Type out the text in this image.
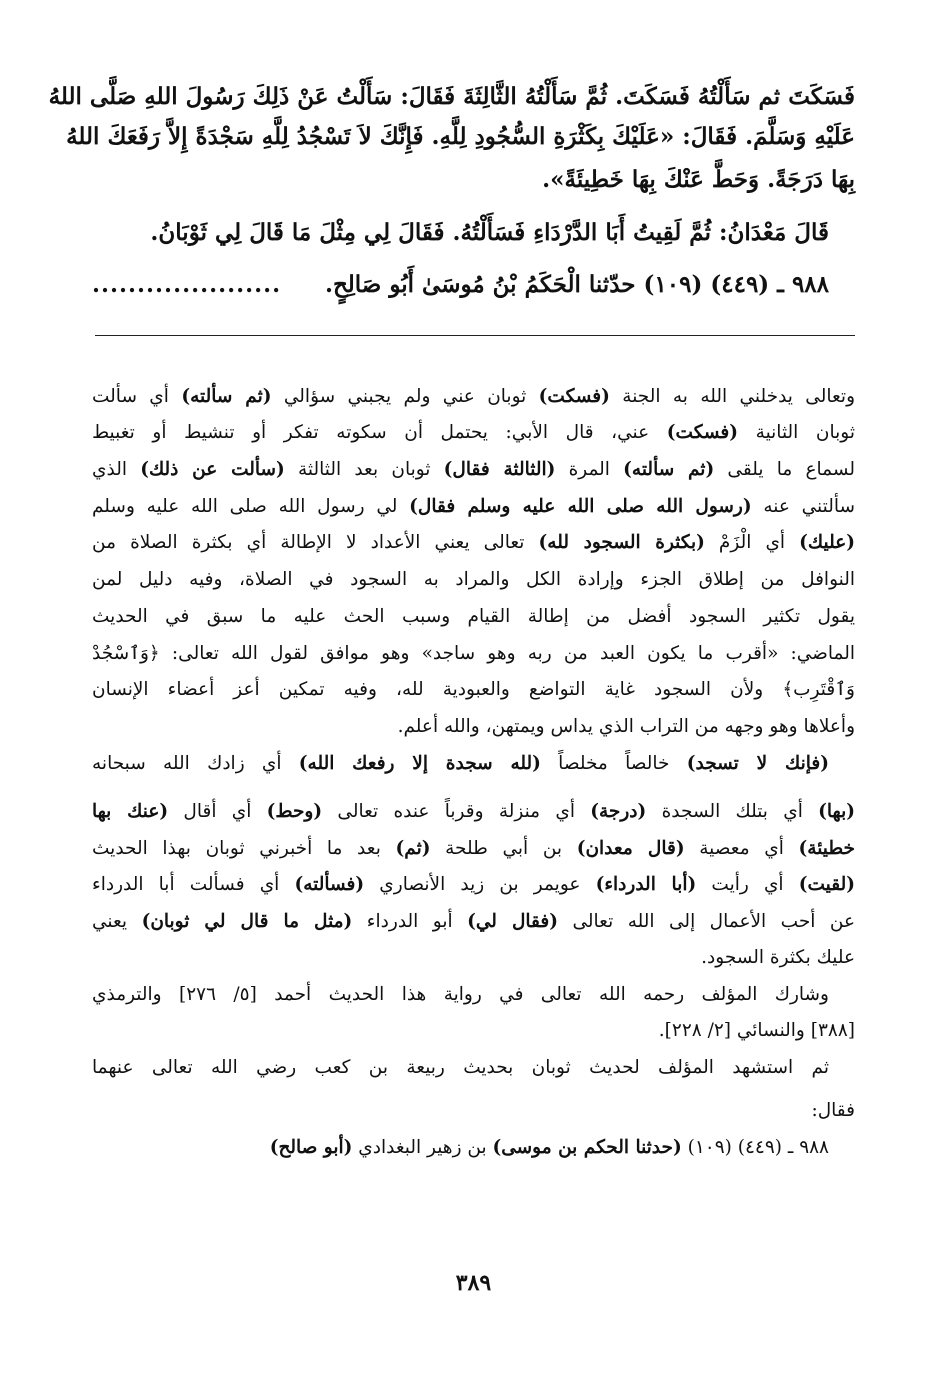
فَسَكَتَ ثم سَأَلْتُهُ فَسَكَتَ. ثُمَّ سَأَلْتُهُ الثَّالِثَةَ فَقَالَ: سَأَلْتُ عَنْ ذَلِكَ رَسُولَ اللهِ صَلَّى اللهُ
عَلَيْهِ وَسَلَّمَ. فَقَالَ: «عَلَيْكَ بِكَثْرَةِ السُّجُودِ لِلَّهِ. فَإِنَّكَ لاَ تَسْجُدُ لِلَّهِ سَجْدَةً إِلاَّ رَفَعَكَ اللهُ
بِهَا دَرَجَةً. وَحَطَّ عَنْكَ بِهَا خَطِيئَةً».
قَالَ مَعْدَانُ: ثُمَّ لَقِيتُ أَبَا الدَّرْدَاءِ فَسَأَلْتُهُ. فَقَالَ لِي مِثْلَ مَا قَالَ لِي ثَوْبَانُ.
٩٨٨ ـ (٤٤٩) (١٠٩) حدّثنا الْحَكَمُ بْنُ مُوسَىٰ أَبُو صَالِحٍ.
.....................
وتعالى يدخلني الله به الجنة (فسكت) ثوبان عني ولم يجبني سؤالي (ثم سألته) أي سألت
ثوبان الثانية (فسكت) عني، قال الأبي: يحتمل أن سكوته تفكر أو تنشيط أو تغبيط
لسماع ما يلقى (ثم سألته) المرة (الثالثة فقال) ثوبان بعد الثالثة (سألت عن ذلك) الذي
سألتني عنه (رسول الله صلى الله عليه وسلم فقال) لي رسول الله صلى الله عليه وسلم
(عليك) أي الْزَمْ (بكثرة السجود لله) تعالى يعني الأعداد لا الإطالة أي بكثرة الصلاة من
النوافل من إطلاق الجزء وإرادة الكل والمراد به السجود في الصلاة، وفيه دليل لمن
يقول تكثير السجود أفضل من إطالة القيام وسبب الحث عليه ما سبق في الحديث
الماضي: «أقرب ما يكون العبد من ربه وهو ساجد» وهو موافق لقول الله تعالى: ﴿وَٱسْجُدْ
وَٱقْتَرِب﴾ ولأن السجود غاية التواضع والعبودية لله، وفيه تمكين أعز أعضاء الإنسان
وأعلاها وهو وجهه من التراب الذي يداس ويمتهن، والله أعلم.
(فإنك لا تسجد) خالصاً مخلصاً (لله سجدة إلا رفعك الله) أي زادك الله سبحانه
(بها) أي بتلك السجدة (درجة) أي منزلة وقرباً عنده تعالى (وحط) أي أقال (عنك بها
خطيئة) أي معصية (قال معدان) بن أبي طلحة (ثم) بعد ما أخبرني ثوبان بهذا الحديث
(لقيت) أي رأيت (أبا الدرداء) عويمر بن زيد الأنصاري (فسألته) أي فسألت أبا الدرداء
عن أحب الأعمال إلى الله تعالى (فقال لي) أبو الدرداء (مثل ما قال لي ثوبان) يعني
عليك بكثرة السجود.
وشارك المؤلف رحمه الله تعالى في رواية هذا الحديث أحمد [٥/ ٢٧٦] والترمذي
[٣٨٨] والنسائي [٢/ ٢٢٨].
ثم استشهد المؤلف لحديث ثوبان بحديث ربيعة بن كعب رضي الله تعالى عنهما
فقال:
٩٨٨ ـ (٤٤٩) (١٠٩) (حدثنا الحكم بن موسى) بن زهير البغدادي (أبو صالح)
٣٨٩
